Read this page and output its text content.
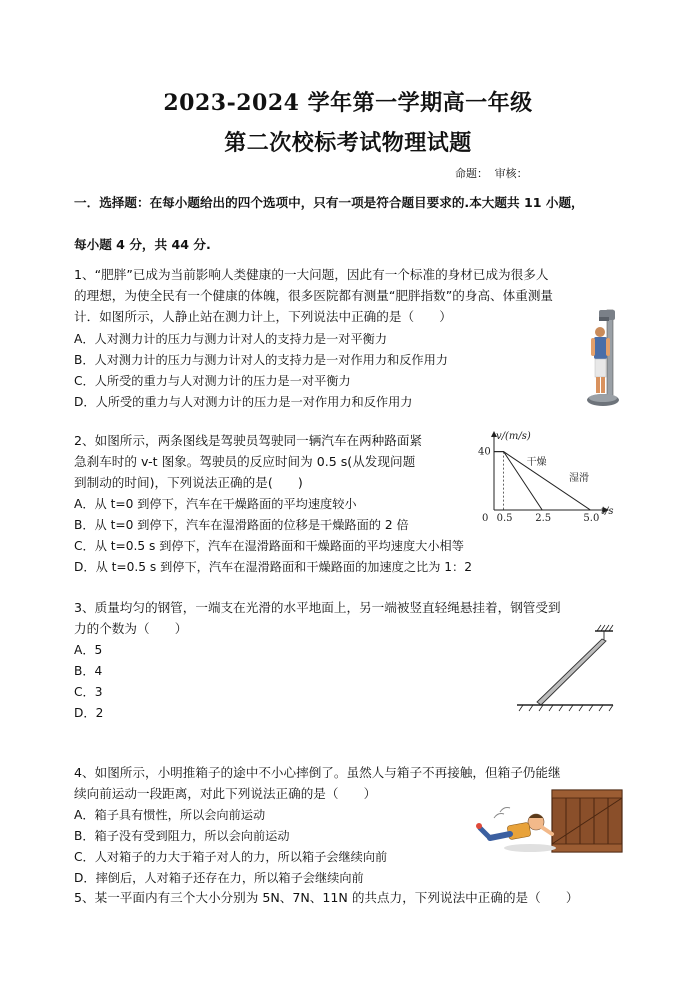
2023-2024 学年第一学期高一年级
第二次校标考试物理试题
命题： 审核：
一．选择题：在每小题给出的四个选项中，只有一项是符合题目要求的.本大题共 11 小题，
每小题 4 分，共 44 分.
1、“肥胖”已成为当前影响人类健康的一大问题，因此有一个标准的身材已成为很多人
的理想，为使全民有一个健康的体魄，很多医院都有测量“肥胖指数”的身高、体重测量
计．如图所示，人静止站在测力计上，下列说法中正确的是（　　）
A．人对测力计的压力与测力计对人的支持力是一对平衡力
B．人对测力计的压力与测力计对人的支持力是一对作用力和反作用力
C．人所受的重力与人对测力计的压力是一对平衡力
D．人所受的重力与人对测力计的压力是一对作用力和反作用力
2、如图所示，两条图线是驾驶员驾驶同一辆汽车在两种路面紧
急刹车时的 v-t 图象。驾驶员的反应时间为 0.5 s(从发现问题
到制动的时间)，下列说法正确的是(　　)
A．从 t=0 到停下，汽车在干燥路面的平均速度较小
B．从 t=0 到停下，汽车在湿滑路面的位移是干燥路面的 2 倍
C．从 t=0.5 s 到停下，汽车在湿滑路面和干燥路面的平均速度大小相等
D．从 t=0.5 s 到停下，汽车在湿滑路面和干燥路面的加速度之比为 1：2
v/(m/s)
t/s
0 0.5 2.5	5.0
40
干燥
湿滑
3、质量均匀的钢管，一端支在光滑的水平地面上，另一端被竖直轻绳悬挂着，钢管受到
力的个数为（　　）
A．5
B．4
C．3
D．2
4、如图所示，小明推箱子的途中不小心摔倒了。虽然人与箱子不再接触，但箱子仍能继
续向前运动一段距离，对此下列说法正确的是（　　）
A．箱子具有惯性，所以会向前运动
B．箱子没有受到阻力，所以会向前运动
C．人对箱子的力大于箱子对人的力，所以箱子会继续向前
D．摔倒后，人对箱子还存在力，所以箱子会继续向前
5、某一平面内有三个大小分别为 5N、7N、11N 的共点力，下列说法中正确的是（　　）
